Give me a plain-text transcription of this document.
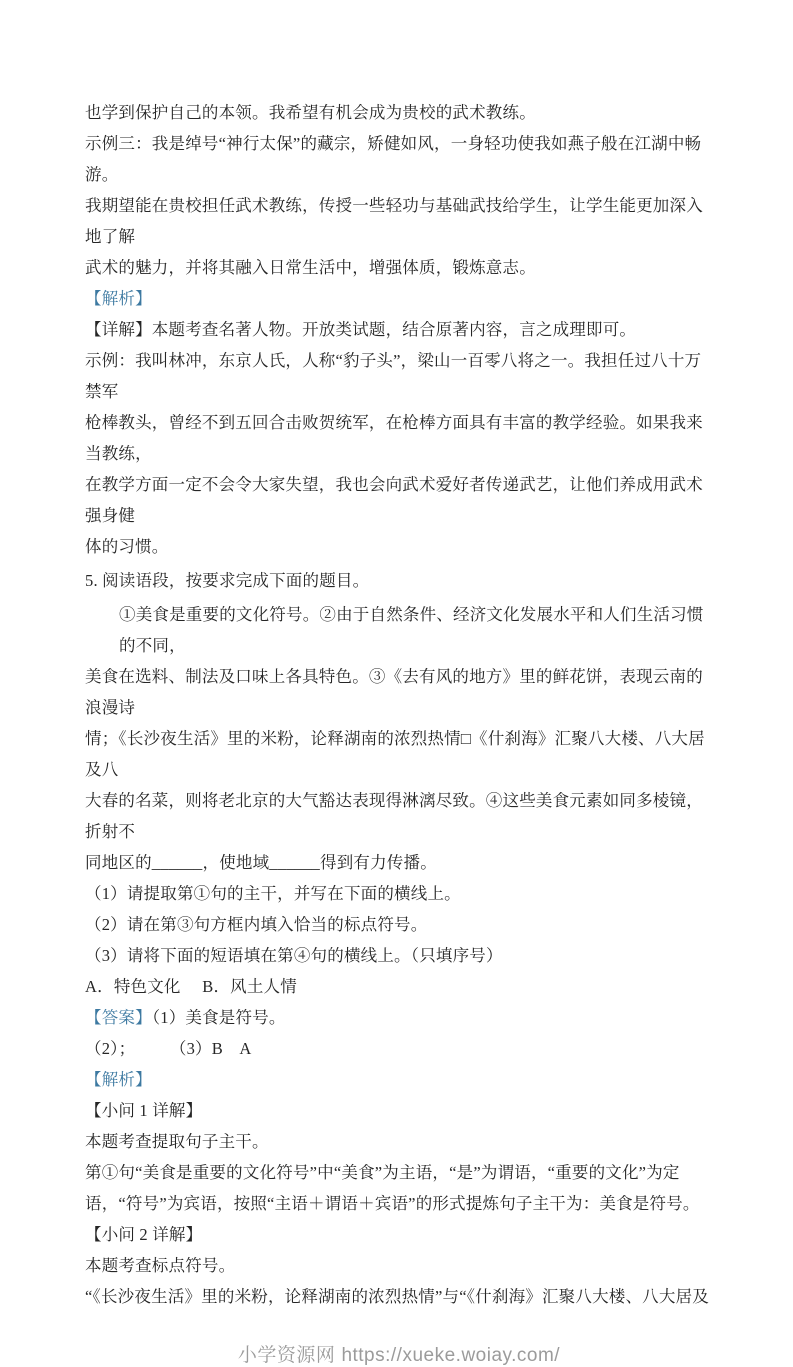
也学到保护自己的本领。我希望有机会成为贵校的武术教练。

示例三：我是绰号“神行太保”的藏宗，矫健如风，一身轻功使我如燕子般在江湖中畅游。

我期望能在贵校担任武术教练，传授一些轻功与基础武技给学生，让学生能更加深入地了解

武术的魅力，并将其融入日常生活中，增强体质，锻炼意志。

【解析】

【详解】本题考查名著人物。开放类试题，结合原著内容，言之成理即可。

示例：我叫林冲，东京人氏，人称“豹子头”，梁山一百零八将之一。我担任过八十万禁军

枪棒教头，曾经不到五回合击败贺统军，在枪棒方面具有丰富的教学经验。如果我来当教练，

在教学方面一定不会令大家失望，我也会向武术爱好者传递武艺，让他们养成用武术强身健

体的习惯。

5. 阅读语段，按要求完成下面的题目。

①美食是重要的文化符号。②由于自然条件、经济文化发展水平和人们生活习惯的不同，

美食在选料、制法及口味上各具特色。③《去有风的地方》里的鲜花饼，表现云南的浪漫诗

情；《长沙夜生活》里的米粉，论释湖南的浓烈热情□《什刹海》汇聚八大楼、八大居及八

大春的名菜，则将老北京的大气豁达表现得淋漓尽致。④这些美食元素如同多棱镜，折射不

同地区的______，使地域______得到有力传播。

（1）请提取第①句的主干，并写在下面的横线上。

（2）请在第③句方框内填入恰当的标点符号。

（3）请将下面的短语填在第④句的横线上。（只填序号）

A．特色文化     B．风土人情

【答案】（1）美食是符号。

（2）；        （3）B    A

【解析】

【小问 1 详解】

本题考查提取句子主干。

第①句“美食是重要的文化符号”中“美食”为主语，“是”为谓语，“重要的文化”为定

语，“符号”为宾语，按照“主语＋谓语＋宾语”的形式提炼句子主干为：美食是符号。

【小问 2 详解】

本题考查标点符号。

“《长沙夜生活》里的米粉，论释湖南的浓烈热情”与“《什刹海》汇聚八大楼、八大居及

小学资源网 https://xueke.woiay.com/
